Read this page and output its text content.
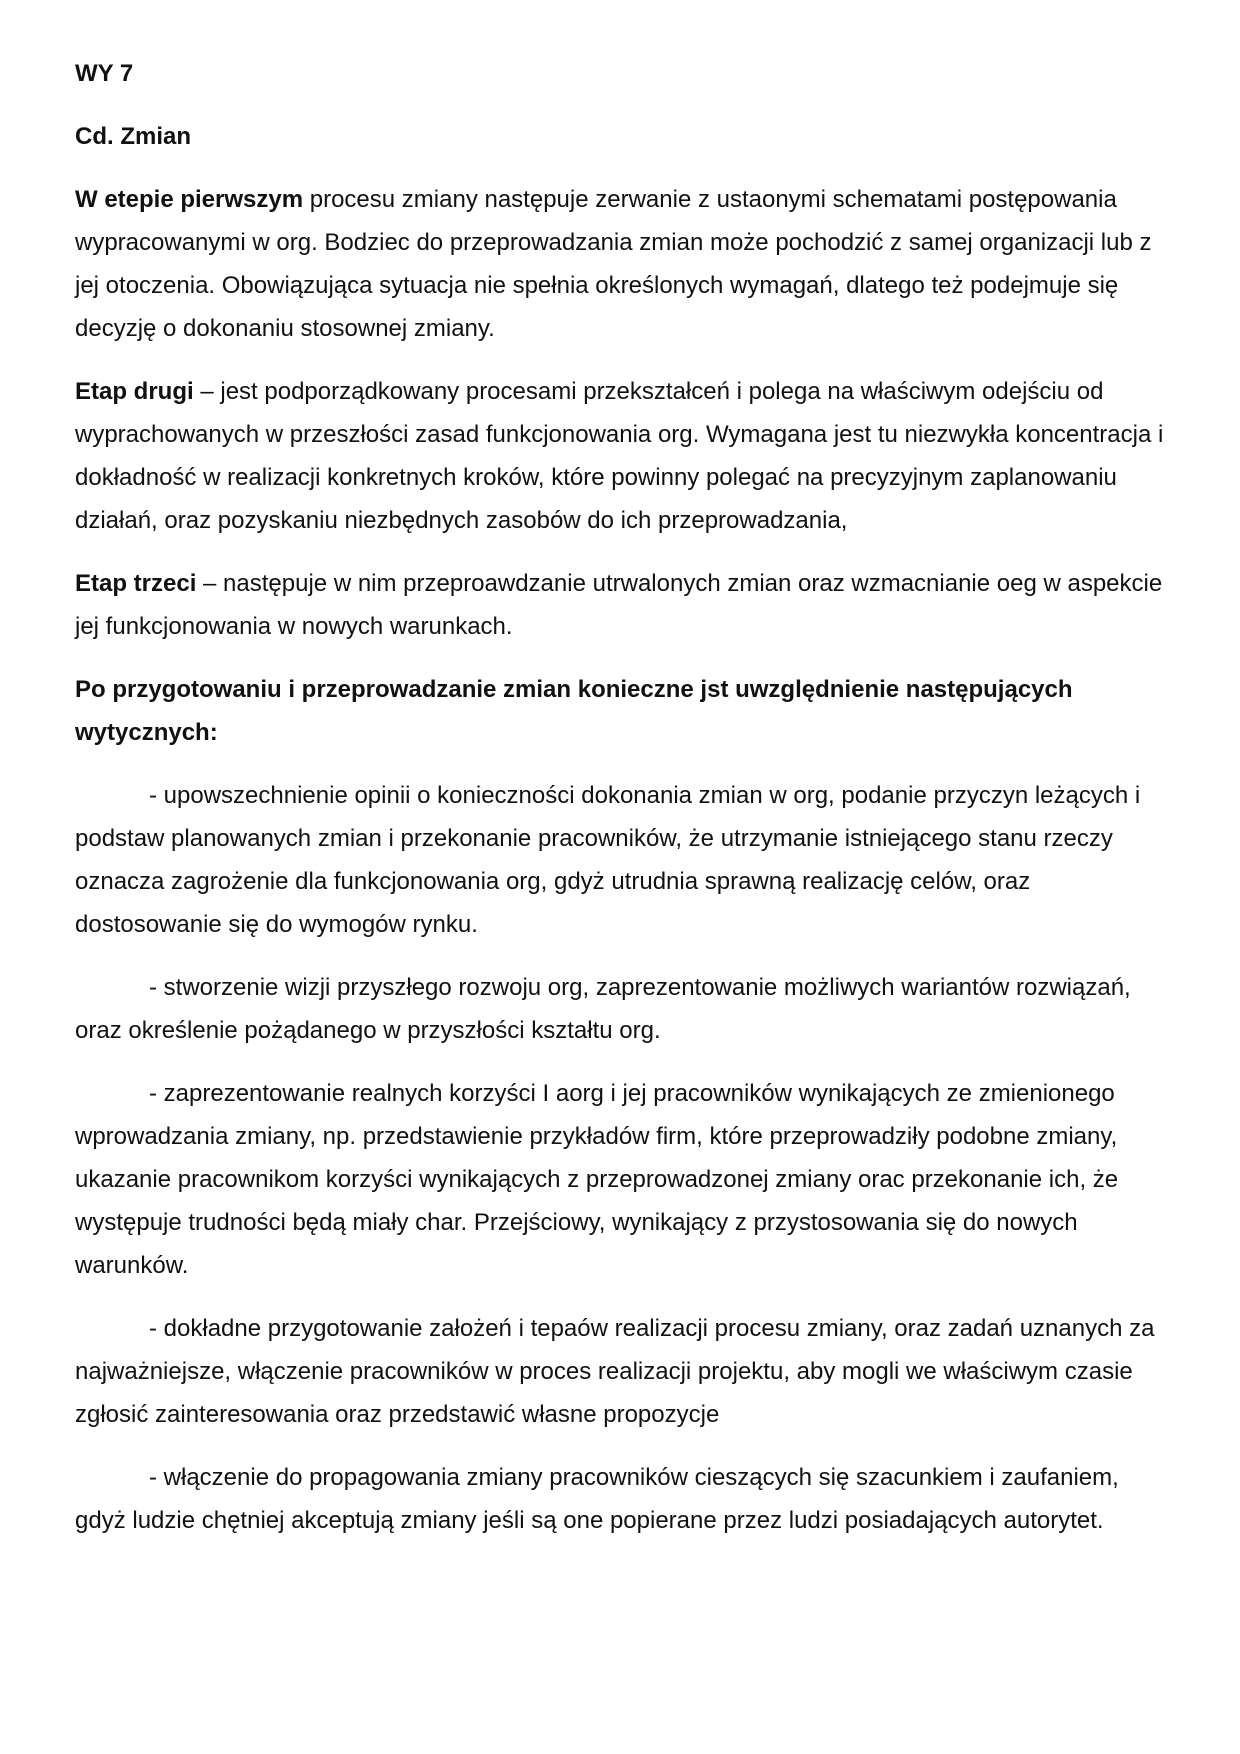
WY 7

Cd. Zmian

W etepie pierwszym procesu zmiany następuje zerwanie z ustaonymi schematami postępowania wypracowanymi w org. Bodziec do przeprowadzania zmian może pochodzić z samej organizacji lub z jej otoczenia. Obowiązująca sytuacja nie spełnia określonych wymagań, dlatego też podejmuje się decyzję o dokonaniu stosownej zmiany.

Etap drugi – jest podporządkowany procesami przekształceń i polega na właściwym odejściu od wyprachowanych w przeszłości zasad funkcjonowania org. Wymagana jest tu niezwykła koncentracja i dokładność w realizacji konkretnych kroków, które powinny polegać na precyzyjnym zaplanowaniu działań, oraz pozyskaniu niezbędnych zasobów do ich przeprowadzania,

Etap trzeci – następuje w nim przeproawdzanie utrwalonych zmian oraz wzmacnianie oeg w aspekcie jej funkcjonowania w nowych warunkach.

Po przygotowaniu i przeprowadzanie zmian konieczne jst uwzględnienie następujących wytycznych:

- upowszechnienie opinii o konieczności dokonania zmian w org, podanie przyczyn leżących i podstaw planowanych zmian i przekonanie pracowników, że utrzymanie istniejącego stanu rzeczy oznacza zagrożenie dla funkcjonowania org, gdyż utrudnia sprawną realizację celów, oraz dostosowanie się do wymogów rynku.

- stworzenie wizji przyszłego rozwoju org, zaprezentowanie możliwych wariantów rozwiązań, oraz określenie pożądanego w przyszłości kształtu org.

- zaprezentowanie realnych korzyści I aorg i jej pracowników wynikających ze zmienionego wprowadzania zmiany, np. przedstawienie przykładów firm, które przeprowadziły podobne zmiany, ukazanie pracownikom korzyści wynikających z przeprowadzonej zmiany orac przekonanie ich, że występuje trudności będą miały char. Przejściowy, wynikający z przystosowania się do nowych warunków.

- dokładne przygotowanie założeń i tepaów realizacji procesu zmiany, oraz zadań uznanych za najważniejsze, włączenie pracowników w proces realizacji projektu, aby mogli we właściwym czasie zgłosić zainteresowania oraz przedstawić własne propozycje

- włączenie do propagowania zmiany pracowników cieszących się szacunkiem i zaufaniem, gdyż ludzie chętniej akceptują zmiany jeśli są one popierane przez ludzi posiadających autorytet.
